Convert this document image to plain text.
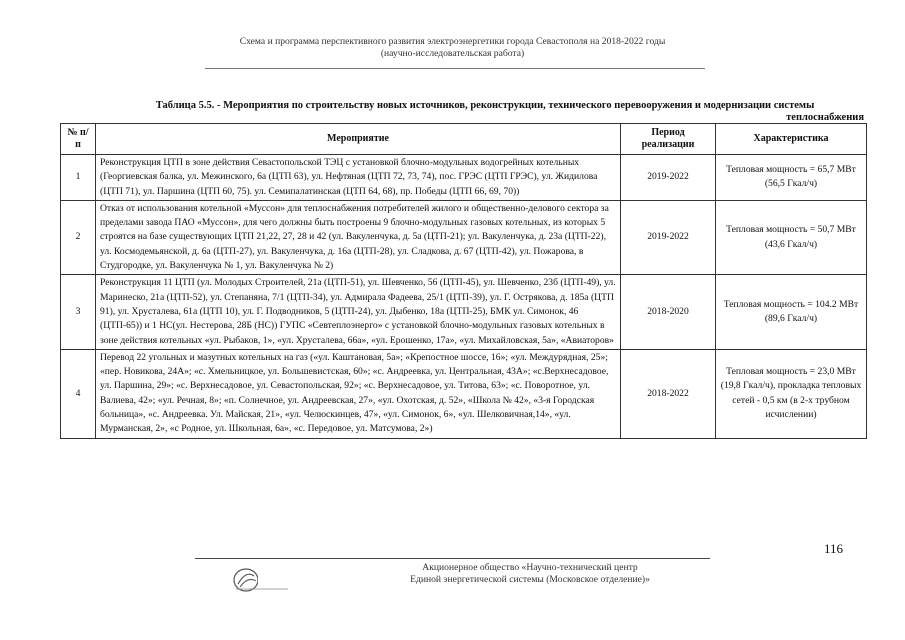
Схема и программа перспективного развития электроэнергетики города Севастополя на 2018-2022 годы
(научно-исследовательская работа)
Таблица 5.5. - Мероприятия по строительству новых источников, реконструкции, технического перевооружения и модернизации системы
теплоснабжения
№ п/п	Мероприятие	Период реализации	Характеристика
1	Реконструкция ЦТП в зоне действия Севастопольской ТЭЦ с установкой блочно-модульных водогрейных котельных (Георгиевская балка, ул. Межинского, 6а (ЦТП 63), ул. Нефтяная (ЦТП 72, 73, 74), пос. ГРЭС (ЦТП ГРЭС), ул. Жидилова (ЦТП 71), ул. Паршина (ЦТП 60, 75). ул. Семипалатинская (ЦТП 64, 68), пр. Победы (ЦТП 66, 69, 70))	2019-2022	Тепловая мощность = 65,7 МВт (56,5 Гкал/ч)
2	Отказ от использования котельной «Муссон» для теплоснабжения потребителей жилого и общественно-делового сектора за пределами завода ПАО «Муссон», для чего должны быть построены 9 блочно-модульных газовых котельных, из которых 5 строятся на базе существующих ЦТП 21,22, 27, 28 и 42 (ул. Вакуленчука, д. 5а (ЦТП-21); ул. Вакуленчука, д. 23а (ЦТП-22), ул. Космодемьянской, д. 6а (ЦТП-27), ул. Вакуленчука, д. 16а (ЦТП-28), ул. Сладкова, д. 67 (ЦТП-42), ул. Пожарова, в Студгородке, ул. Вакуленчука № 1, ул. Вакуленчука № 2)	2019-2022	Тепловая мощность = 50,7 МВт (43,6 Гкал/ч)
3	Реконструкция 11 ЦТП (ул. Молодых Строителей, 21а (ЦТП-51), ул. Шевченко, 56 (ЦТП-45), ул. Шевченко, 23б (ЦТП-49), ул. Маринеско, 21а (ЦТП-52), ул. Степаняна, 7/1 (ЦТП-34), ул. Адмирала Фадеева, 25/1 (ЦТП-39), ул. Г. Острякова, д. 185а (ЦТП 91), ул. Хрусталева, 61а (ЦТП 10), ул. Г. Подводников, 5 (ЦТП-24), ул. Дыбенко, 18а (ЦТП-25), БМК ул. Симонок, 46 (ЦТП-65)) и 1 НС(ул. Нестерова, 28Б (НС)) ГУПС «Севтеплоэнерго» с установкой блочно-модульных газовых котельных в зоне действия котельных «ул. Рыбаков, 1», «ул. Хрусталева, 66а», «ул. Ерошенко, 17а», «ул. Михайловская, 5а», «Авиаторов»	2018-2020	Тепловая мощность = 104.2 МВт (89,6 Гкал/ч)
4	Перевод 22 угольных и мазутных котельных на газ («ул. Каштановая, 5а»; «Крепостное шоссе, 16»; «ул. Междурядная, 25»; «пер. Новикова, 24А»; «с. Хмельницкое, ул. Большевистская, 60»; «с. Андреевка, ул. Центральная, 43А»; «с.Верхнесадовое, ул. Паршина, 29»; «с. Верхнесадовое, ул. Севастопольская, 92»; «с. Верхнесадовое, ул. Титова, 63»; «с. Поворотное, ул. Валиева, 42»; «ул. Речная, 8»; «п. Солнечное, ул. Андреевская, 27», «ул. Охотская, д. 52», «Школа № 42», «3-я Городская больница», «с. Андреевка. Ул. Майская, 21», «ул. Челюскинцев, 47», «ул. Симонок, 6», «ул. Шелковичная,14», «ул. Мурманская, 2», «с Родное, ул. Школьная, 6а», «с. Передовое, ул. Матсумова, 2»)	2018-2022	Тепловая мощность = 23,0 МВт (19,8 Гкал/ч), прокладка тепловых сетей - 0,5 км (в 2-х трубном исчислении)
116
Акционерное общество «Научно-технический центр
Единой энергетической системы (Московское отделение)»
